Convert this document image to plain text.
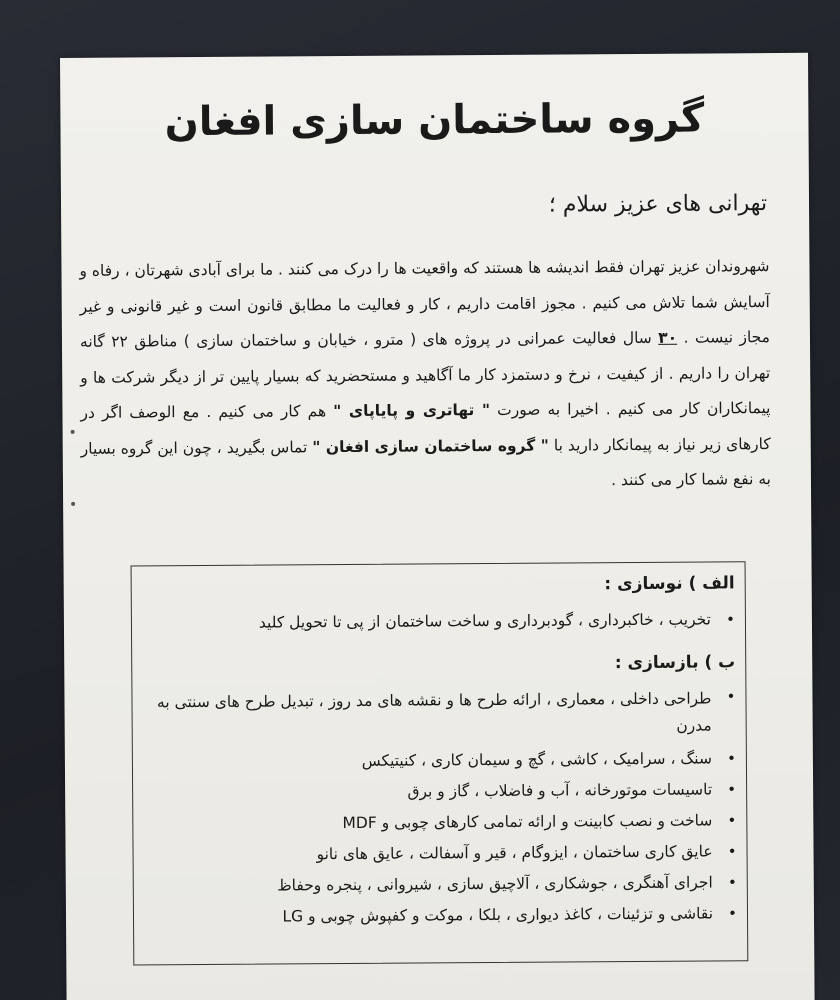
گروه ساختمان سازی افغان
تهرانی های عزیز سلام ؛
شهروندان عزیز تهران فقط اندیشه ها هستند که واقعیت ها را درک می کنند . ما برای آبادی شهرتان ، رفاه و آسایش شما تلاش می کنیم . مجوز اقامت داریم ، کار و فعالیت ما مطابق قانون است و غیر قانونی و غیر مجاز نیست . ۳۰ سال فعالیت عمرانی در پروژه های ( مترو ، خیابان و ساختمان سازی ) مناطق ۲۲ گانه تهران را داریم . از کیفیت ، نرخ و دستمزد کار ما آگاهید و مستحضرید که بسیار پایین تر از دیگر شرکت ها و پیمانکاران کار می کنیم . اخیرا به صورت " تهاتری و پایاپای " هم کار می کنیم . مع الوصف اگر در کارهای زیر نیاز به پیمانکار دارید با " گروه ساختمان سازی افغان " تماس بگیرید ، چون این گروه بسیار به نفع شما کار می کنند .
الف ) نوسازی :
• تخریب ، خاکبرداری ، گودبرداری و ساخت ساختمان از پی تا تحویل کلید
ب ) بازسازی :
• طراحی داخلی ، معماری ، ارائه طرح ها و نقشه های مد روز ، تبدیل طرح های سنتی به مدرن
• سنگ ، سرامیک ، کاشی ، گچ و سیمان کاری ، کنیتیکس
• تاسیسات موتورخانه ، آب و فاضلاب ، گاز و برق
• ساخت و نصب کابینت و ارائه تمامی کارهای چوبی و MDF
• عایق کاری ساختمان ، ایزوگام ، قیر و آسفالت ، عایق های نانو
• اجرای آهنگری ، جوشکاری ، آلاچیق سازی ، شیروانی ، پنجره وحفاظ
• نقاشی و تزئینات ، کاغذ دیواری ، بلکا ، موکت و کفپوش چوبی و LG
